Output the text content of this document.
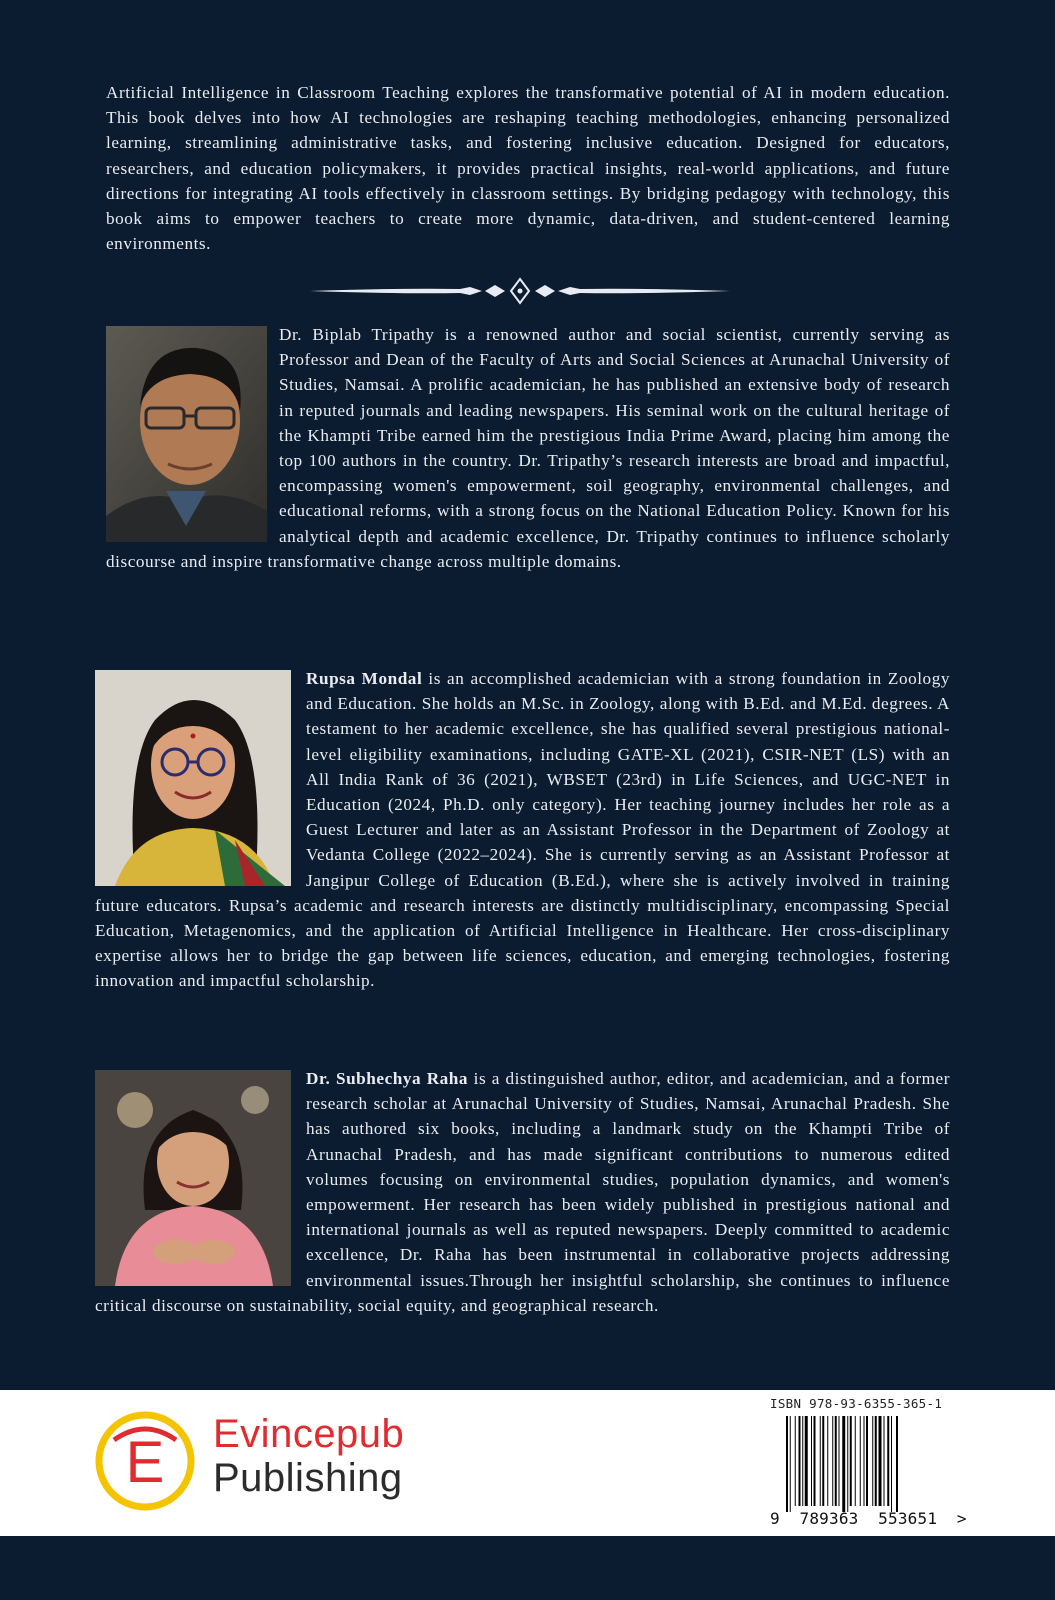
Artificial Intelligence in Classroom Teaching explores the transformative potential of AI in modern education. This book delves into how AI technologies are reshaping teaching methodologies, enhancing personalized learning, streamlining administrative tasks, and fostering inclusive education. Designed for educators, researchers, and education policymakers, it provides practical insights, real-world applications, and future directions for integrating AI tools effectively in classroom settings. By bridging pedagogy with technology, this book aims to empower teachers to create more dynamic, data-driven, and student-centered learning environments.

Dr. Biplab Tripathy is a renowned author and social scientist, currently serving as Professor and Dean of the Faculty of Arts and Social Sciences at Arunachal University of Studies, Namsai. A prolific academician, he has published an extensive body of research in reputed journals and leading newspapers. His seminal work on the cultural heritage of the Khampti Tribe earned him the prestigious India Prime Award, placing him among the top 100 authors in the country. Dr. Tripathy’s research interests are broad and impactful, encompassing women's empowerment, soil geography, environmental challenges, and educational reforms, with a strong focus on the National Education Policy. Known for his analytical depth and academic excellence, Dr. Tripathy continues to influence scholarly discourse and inspire transformative change across multiple domains.

Rupsa Mondal is an accomplished academician with a strong foundation in Zoology and Education. She holds an M.Sc. in Zoology, along with B.Ed. and M.Ed. degrees. A testament to her academic excellence, she has qualified several prestigious national-level eligibility examinations, including GATE-XL (2021), CSIR-NET (LS) with an All India Rank of 36 (2021), WBSET (23rd) in Life Sciences, and UGC-NET in Education (2024, Ph.D. only category). Her teaching journey includes her role as a Guest Lecturer and later as an Assistant Professor in the Department of Zoology at Vedanta College (2022–2024). She is currently serving as an Assistant Professor at Jangipur College of Education (B.Ed.), where she is actively involved in training future educators. Rupsa’s academic and research interests are distinctly multidisciplinary, encompassing Special Education, Metagenomics, and the application of Artificial Intelligence in Healthcare. Her cross-disciplinary expertise allows her to bridge the gap between life sciences, education, and emerging technologies, fostering innovation and impactful scholarship.

Dr. Subhechya Raha is a distinguished author, editor, and academician, and a former research scholar at Arunachal University of Studies, Namsai, Arunachal Pradesh. She has authored six books, including a landmark study on the Khampti Tribe of Arunachal Pradesh, and has made significant contributions to numerous edited volumes focusing on environmental studies, population dynamics, and women's empowerment. Her research has been widely published in prestigious national and international journals as well as reputed newspapers. Deeply committed to academic excellence, Dr. Raha has been instrumental in collaborative projects addressing environmental issues.Through her insightful scholarship, she continues to influence critical discourse on sustainability, social equity, and geographical research.

E Evincepub
Publishing
ISBN 978-93-6355-365-1
9  789363  553651  >
